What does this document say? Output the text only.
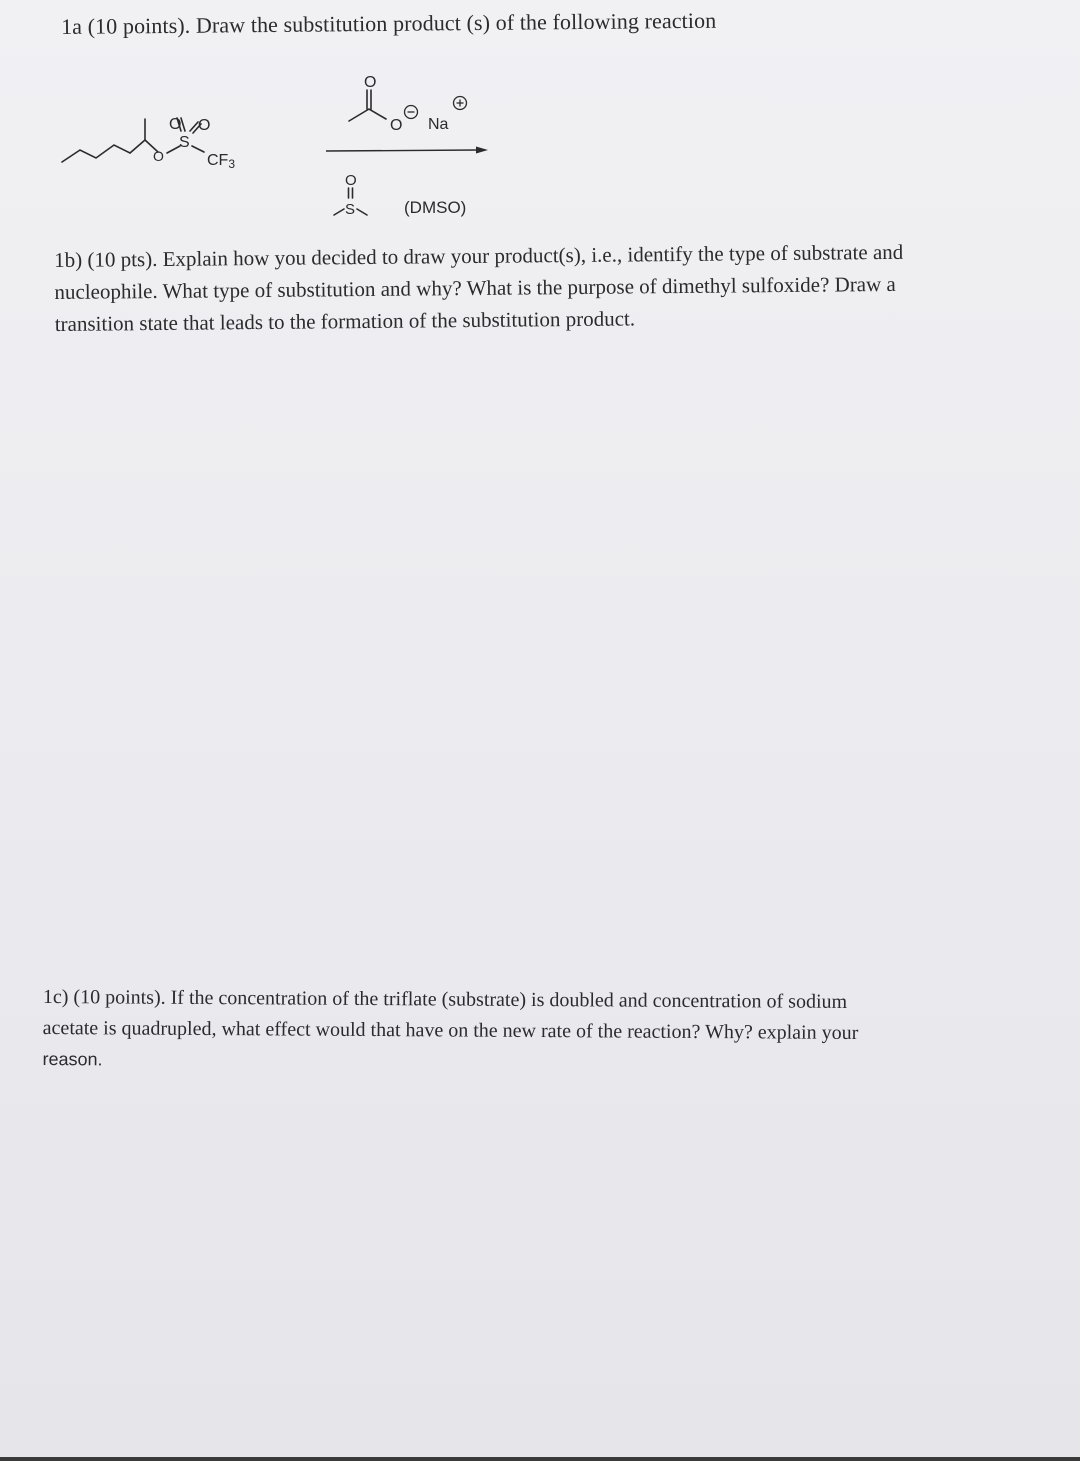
1a (10 points). Draw the substitution product (s) of the following reaction
O
O O
S
CF3
O
O Na
O
S	(DMSO)
1b) (10 pts). Explain how you decided to draw your product(s), i.e., identify the type of substrate and
nucleophile. What type of substitution and why? What is the purpose of dimethyl sulfoxide? Draw a
transition state that leads to the formation of the substitution product.
1c) (10 points). If the concentration of the triflate (substrate) is doubled and concentration of sodium
acetate is quadrupled, what effect would that have on the new rate of the reaction? Why? explain your
reason.
